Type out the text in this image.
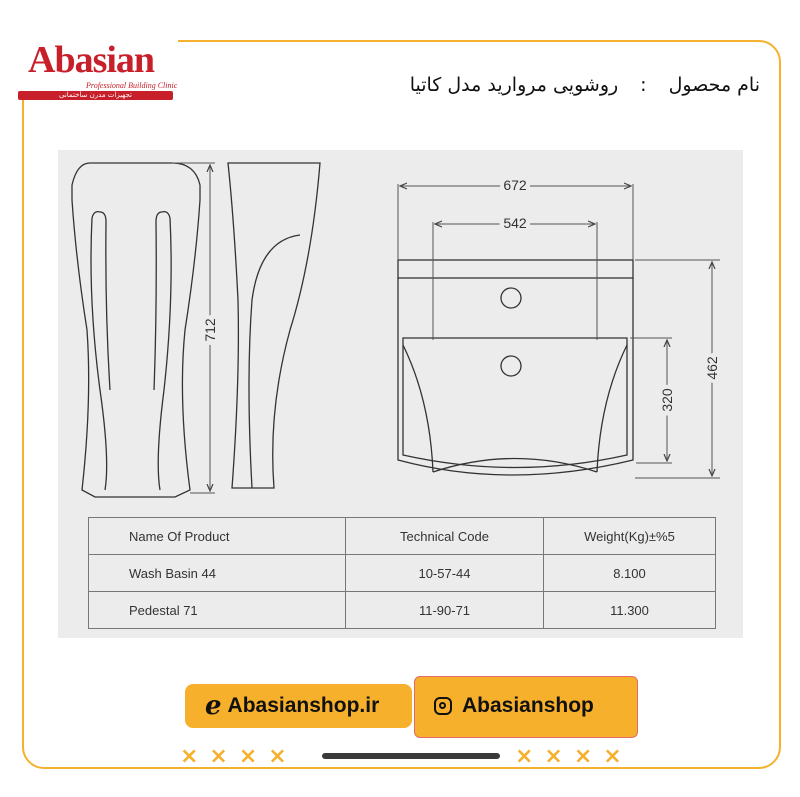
Abasian
Professional Building Clinic
تجهیزات مدرن ساختمانی	نام محصول:روشویی مروارید مدل کاتیا
672
542
462
320
712
Name Of Product	Technical Code	Weight(Kg)±%5
Wash Basin 44	10-57-44	8.100
Pedestal 71	11-90-71	11.300
e Abasianshop.ir	Abasianshop
××××	××××
